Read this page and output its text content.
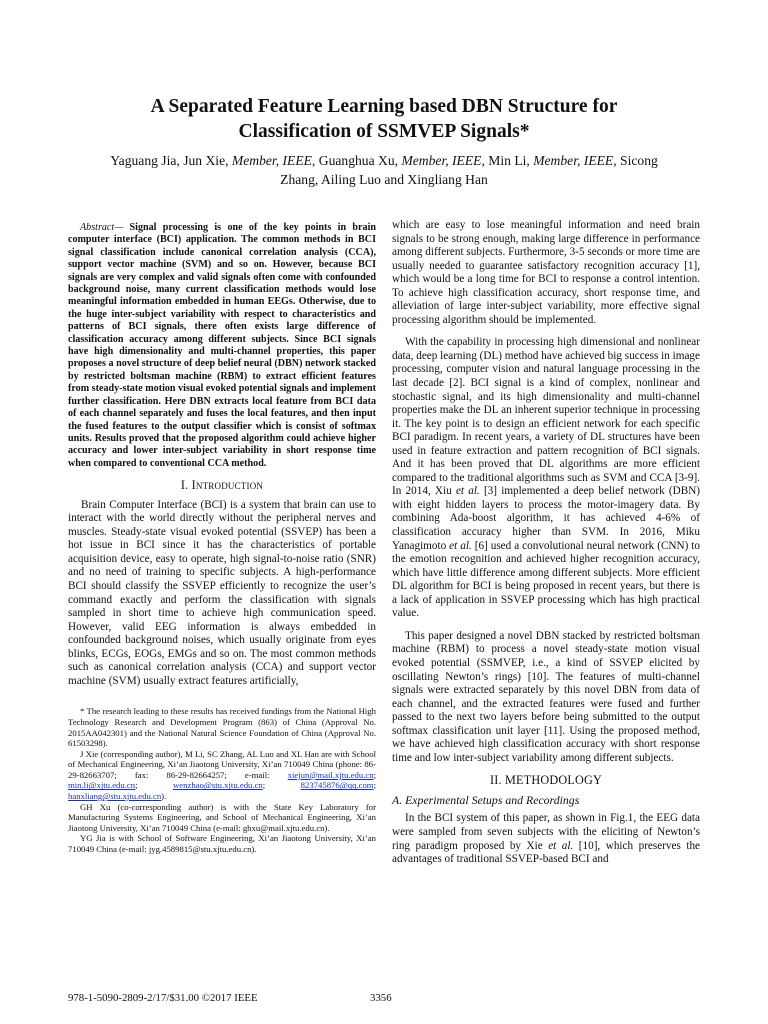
A Separated Feature Learning based DBN Structure for
Classification of SSMVEP Signals*
Yaguang Jia, Jun Xie, Member, IEEE, Guanghua Xu, Member, IEEE, Min Li, Member, IEEE, Sicong
Zhang, Ailing Luo and Xingliang Han

Abstract— Signal processing is one of the key points in brain computer interface (BCI) application. The common methods in BCI signal classification include canonical correlation analysis (CCA), support vector machine (SVM) and so on. However, because BCI signals are very complex and valid signals often come with confounded background noise, many current classification methods would lose meaningful information embedded in human EEGs. Otherwise, due to the huge inter-subject variability with respect to characteristics and patterns of BCI signals, there often exists large difference of classification accuracy among different subjects. Since BCI signals have high dimensionality and multi-channel properties, this paper proposes a novel structure of deep belief neural (DBN) network stacked by restricted boltsman machine (RBM) to extract efficient features from steady-state motion visual evoked potential signals and implement further classification. Here DBN extracts local feature from BCI data of each channel separately and fuses the local features, and then input the fused features to the output classifier which is consist of softmax units. Results proved that the proposed algorithm could achieve higher accuracy and lower inter-subject variability in short response time when compared to conventional CCA method.

I. Introduction

Brain Computer Interface (BCI) is a system that brain can use to interact with the world directly without the peripheral nerves and muscles. Steady-state visual evoked potential (SSVEP) has been a hot issue in BCI since it has the characteristics of portable acquisition device, easy to operate, high signal-to-noise ratio (SNR) and no need of training to specific subjects. A high-performance BCI should classify the SSVEP efficiently to recognize the user’s command exactly and perform the classification with signals sampled in short time to achieve high communication speed. However, valid EEG information is always embedded in confounded background noises, which usually originate from eyes blinks, ECGs, EOGs, EMGs and so on. The most common methods such as canonical correlation analysis (CCA) and support vector machine (SVM) usually extract features artificially,

* The research leading to these results has received fundings from the National High Technology Research and Development Program (863) of China (Approval No. 2015AA042301) and the National Natural Science Foundation of China (Approval No. 61503298).

J Xie (corresponding author), M Li, SC Zhang, AL Luo and XL Han are with School of Mechanical Engineering, Xi’an Jiaotong University, Xi’an 710049 China (phone: 86-29-82663707; fax: 86-29-82664257; e-mail: xiejun@mail.xjtu.edu.cn; min.li@xjtu.edu.cn; wenzhao@stu.xjtu.edu.cn; 823745876@qq.com; hanxliang@stu.xjtu.edu.cn).

GH Xu (co-corresponding author) is with the State Key Laboratory for Manufacturing Systems Engineering, and School of Mechanical Engineering, Xi’an Jiaotong University, Xi’an 710049 China (e-mail: ghxu@mail.xjtu.edu.cn).

YG Jia is with School of Software Engineering, Xi’an Jiaotong University, Xi’an 710049 China (e-mail: jyg.4589815@stu.xjtu.edu.cn).

which are easy to lose meaningful information and need brain signals to be strong enough, making large difference in performance among different subjects. Furthermore, 3-5 seconds or more time are usually needed to guarantee satisfactory recognition accuracy [1], which would be a long time for BCI to response a control intention. To achieve high classification accuracy, short response time, and alleviation of large inter-subject variability, more effective signal processing algorithm should be implemented.

With the capability in processing high dimensional and nonlinear data, deep learning (DL) method have achieved big success in image processing, computer vision and natural language processing in the last decade [2]. BCI signal is a kind of complex, nonlinear and stochastic signal, and its high dimensionality and multi-channel properties make the DL an inherent superior technique in processing it. The key point is to design an efficient network for each specific BCI paradigm. In recent years, a variety of DL structures have been used in feature extraction and pattern recognition of BCI signals. And it has been proved that DL algorithms are more efficient compared to the traditional algorithms such as SVM and CCA [3-9]. In 2014, Xiu et al. [3] implemented a deep belief network (DBN) with eight hidden layers to process the motor-imagery data. By combining Ada-boost algorithm, it has achieved 4-6% of classification accuracy higher than SVM. In 2016, Miku Yanagimoto et al. [6] used a convolutional neural network (CNN) to the emotion recognition and achieved higher recognition accuracy, which have little difference among different subjects. More efficient DL algorithm for BCI is being proposed in recent years, but there is a lack of application in SSVEP processing which has high practical value.

This paper designed a novel DBN stacked by restricted boltsman machine (RBM) to process a novel steady-state motion visual evoked potential (SSMVEP, i.e., a kind of SSVEP elicited by oscillating Newton’s rings) [10]. The features of multi-channel signals were extracted separately by this novel DBN from data of each channel, and the extracted features were fused and further passed to the next two layers before being submitted to the output softmax classification unit layer [11]. Using the proposed method, we have achieved high classification accuracy with short response time and low inter-subject variability among different subjects.

II. METHODOLOGY
A. Experimental Setups and Recordings

In the BCI system of this paper, as shown in Fig.1, the EEG data were sampled from seven subjects with the eliciting of Newton’s ring paradigm proposed by Xie et al. [10], which preserves the advantages of traditional SSVEP-based BCI and

978-1-5090-2809-2/17/$31.00 ©2017 IEEE	3356
